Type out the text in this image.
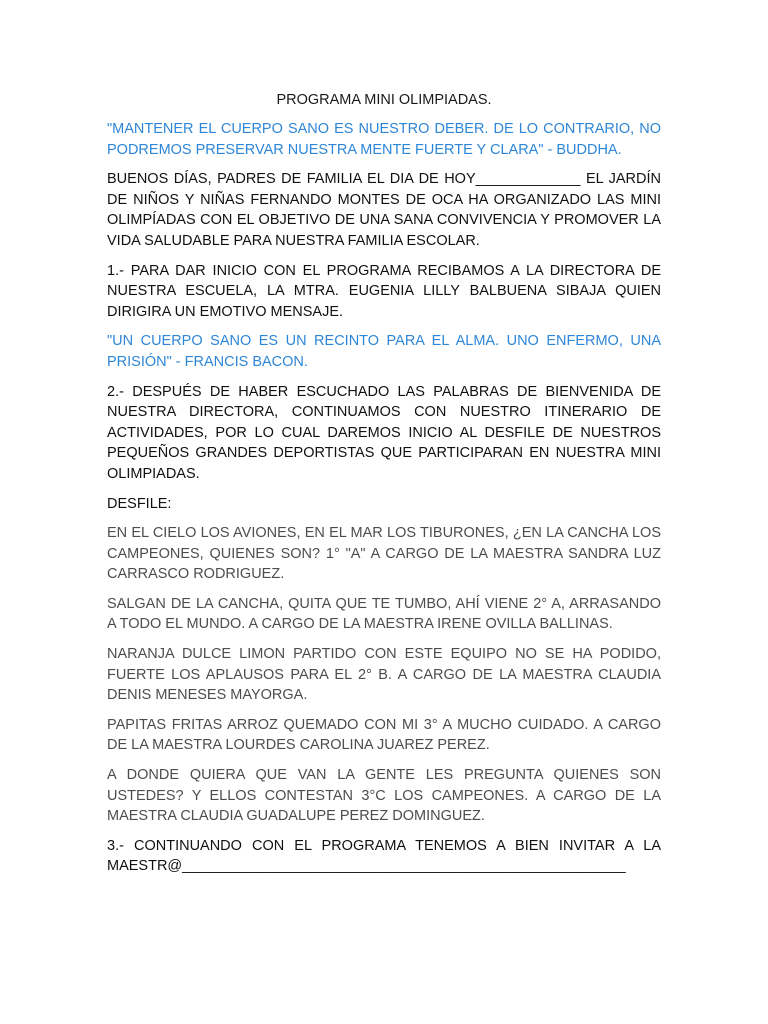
PROGRAMA MINI OLIMPIADAS.

"MANTENER EL CUERPO SANO ES NUESTRO DEBER. DE LO CONTRARIO, NO PODREMOS PRESERVAR NUESTRA MENTE FUERTE Y CLARA" - BUDDHA.

BUENOS DÍAS, PADRES DE FAMILIA EL DIA DE HOY_____________ EL JARDÍN DE NIÑOS Y NIÑAS FERNANDO MONTES DE OCA HA ORGANIZADO LAS MINI OLIMPÍADAS CON EL OBJETIVO DE UNA SANA CONVIVENCIA Y PROMOVER LA VIDA SALUDABLE PARA NUESTRA FAMILIA ESCOLAR.

1.- PARA DAR INICIO CON EL PROGRAMA RECIBAMOS A LA DIRECTORA DE NUESTRA ESCUELA, LA MTRA. EUGENIA LILLY BALBUENA SIBAJA QUIEN DIRIGIRA UN EMOTIVO MENSAJE.

"UN CUERPO SANO ES UN RECINTO PARA EL ALMA. UNO ENFERMO, UNA PRISIÓN" - FRANCIS BACON.

2.- DESPUÉS DE HABER ESCUCHADO LAS PALABRAS DE BIENVENIDA DE NUESTRA DIRECTORA, CONTINUAMOS CON NUESTRO ITINERARIO DE ACTIVIDADES, POR LO CUAL DAREMOS INICIO AL DESFILE DE NUESTROS PEQUEÑOS GRANDES DEPORTISTAS QUE PARTICIPARAN EN NUESTRA MINI OLIMPIADAS.

DESFILE:

EN EL CIELO LOS AVIONES, EN EL MAR LOS TIBURONES, ¿EN LA CANCHA LOS CAMPEONES, QUIENES SON? 1° "A" A CARGO DE LA MAESTRA SANDRA LUZ CARRASCO RODRIGUEZ.

SALGAN DE LA CANCHA, QUITA QUE TE TUMBO, AHÍ VIENE 2° A, ARRASANDO A TODO EL MUNDO. A CARGO DE LA MAESTRA IRENE OVILLA BALLINAS.

NARANJA DULCE LIMON PARTIDO CON ESTE EQUIPO NO SE HA PODIDO, FUERTE LOS APLAUSOS PARA EL 2° B. A CARGO DE LA MAESTRA CLAUDIA DENIS MENESES MAYORGA.

PAPITAS FRITAS ARROZ QUEMADO CON MI 3° A MUCHO CUIDADO. A CARGO DE LA MAESTRA LOURDES CAROLINA JUAREZ PEREZ.

A DONDE QUIERA QUE VAN LA GENTE LES PREGUNTA QUIENES SON USTEDES? Y ELLOS CONTESTAN 3°C LOS CAMPEONES. A CARGO DE LA MAESTRA CLAUDIA GUADALUPE PEREZ DOMINGUEZ.

3.- CONTINUANDO CON EL PROGRAMA TENEMOS A BIEN INVITAR A LA MAESTR@_______________________________________________________
